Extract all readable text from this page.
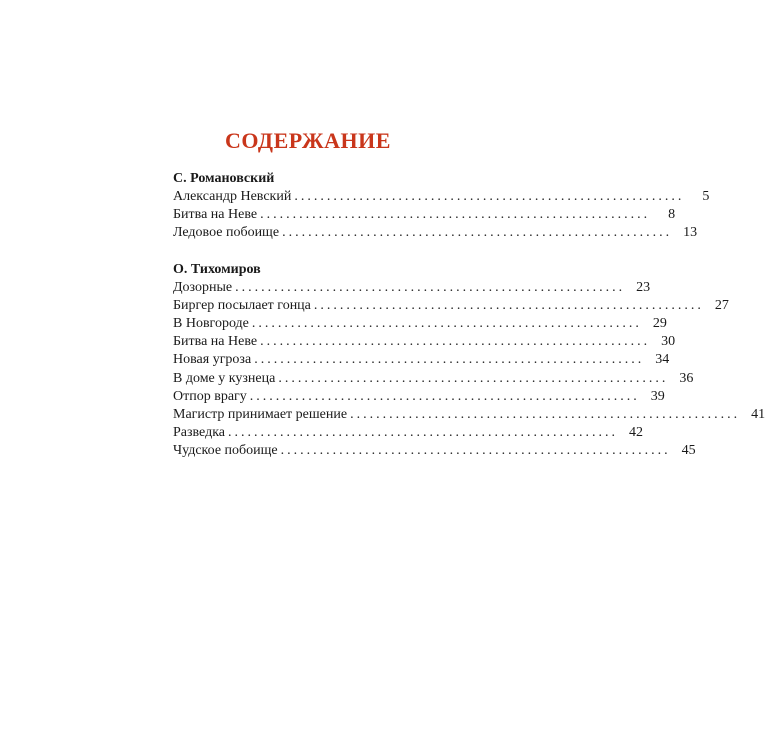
СОДЕРЖАНИЕ
С. Романовский
Александр Невский ............................................................	5
Битва на Неве ............................................................	8
Ледовое побоище ............................................................ 13
О. Тихомиров
Дозорные ............................................................ 23
Биргер посылает гонца ............................................................ 27
В Новгороде ............................................................ 29
Битва на Неве ............................................................ 30
Новая угроза ............................................................ 34
В доме у кузнеца ............................................................ 36
Отпор врагу ............................................................ 39
Магистр принимает решение ............................................................ 41
Разведка ............................................................ 42
Чудское побоище ............................................................ 45
